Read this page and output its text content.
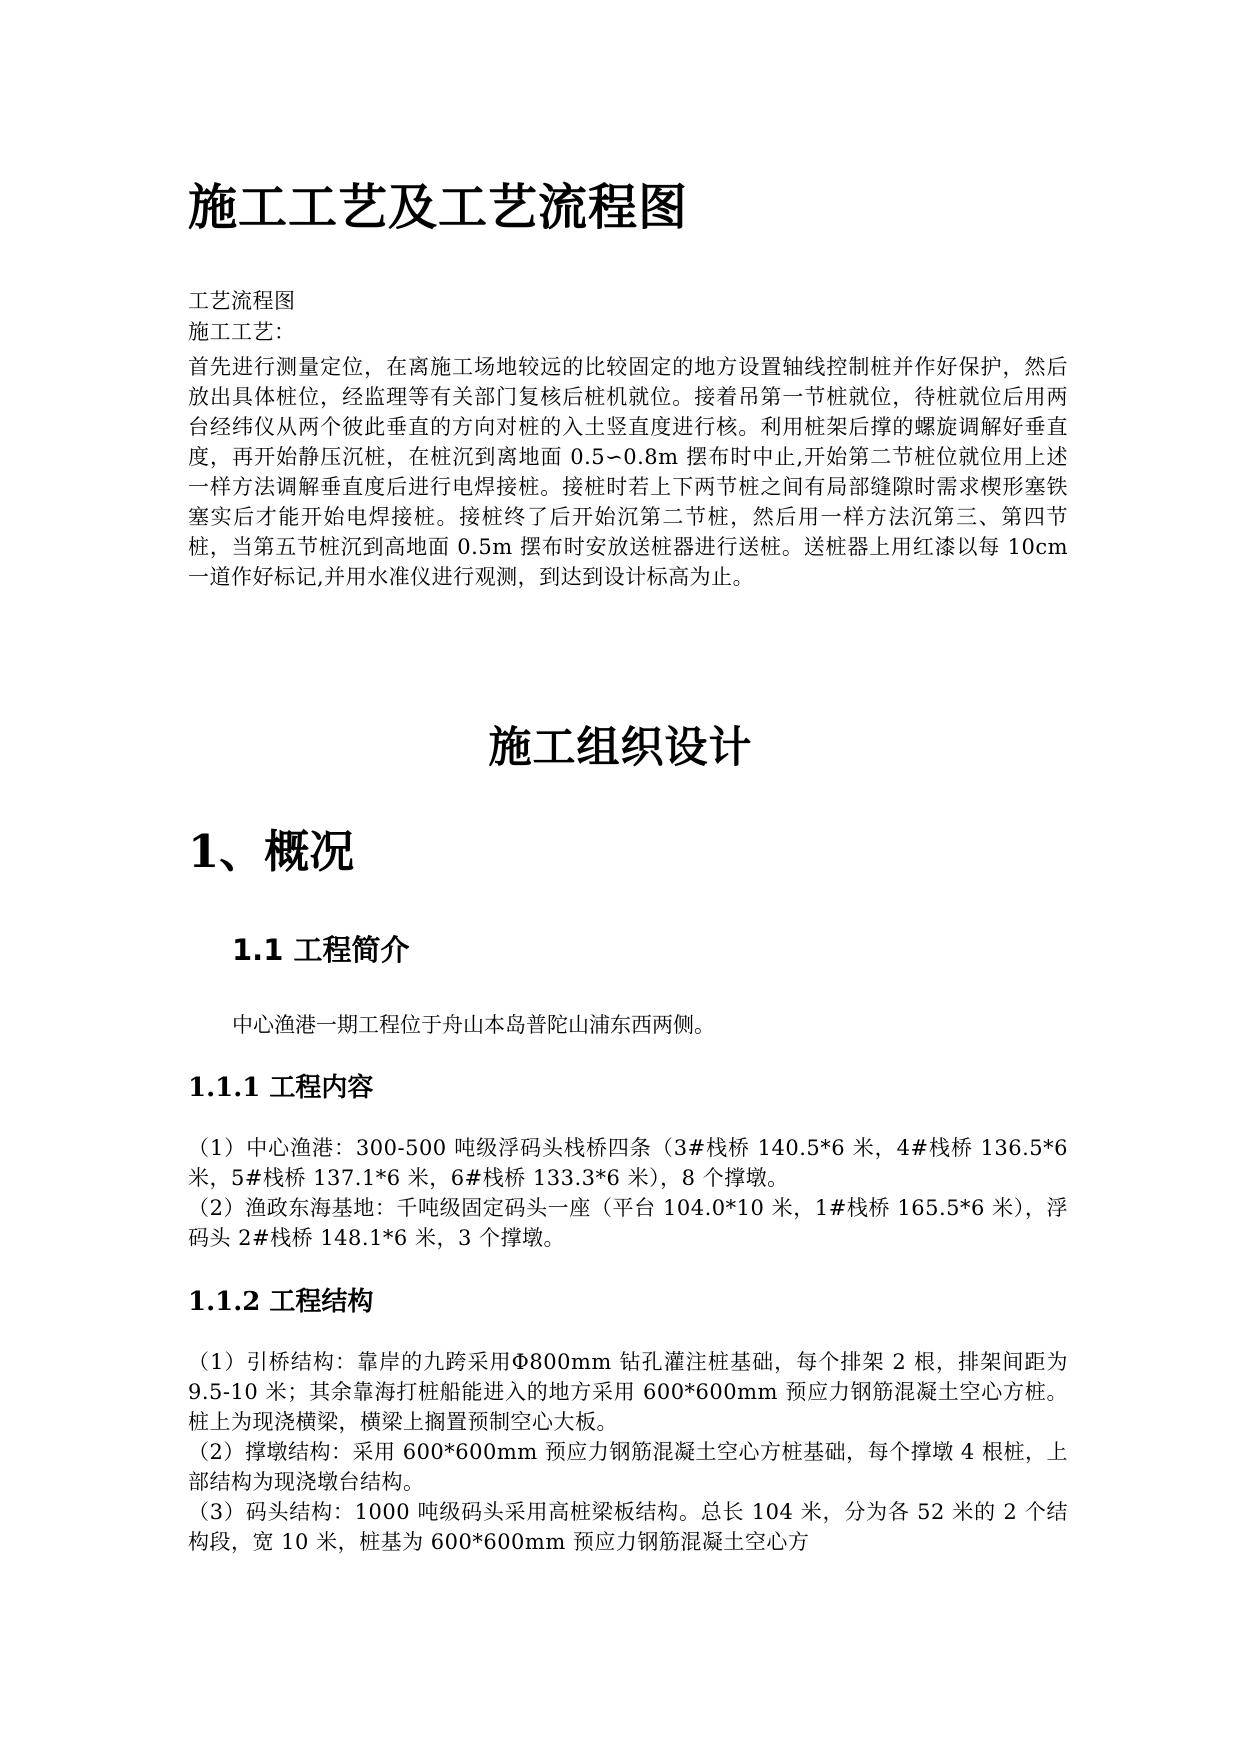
施工工艺及工艺流程图
工艺流程图
施工工艺：
首先进行测量定位，在离施工场地较远的比较固定的地方设置轴线控制桩并作好保护，然后放出具体桩位，经监理等有关部门复核后桩机就位。接着吊第一节桩就位，待桩就位后用两台经纬仪从两个彼此垂直的方向对桩的入土竖直度进行核。利用桩架后撑的螺旋调解好垂直度，再开始静压沉桩，在桩沉到离地面 0.5∽0.8m 摆布时中止,开始第二节桩位就位用上述一样方法调解垂直度后进行电焊接桩。接桩时若上下两节桩之间有局部缝隙时需求楔形塞铁塞实后才能开始电焊接桩。接桩终了后开始沉第二节桩，然后用一样方法沉第三、第四节桩，当第五节桩沉到高地面 0.5m 摆布时安放送桩器进行送桩。送桩器上用红漆以每 10cm 一道作好标记,并用水准仪进行观测，到达到设计标高为止。
施工组织设计
1、概况
1.1 工程简介
中心渔港一期工程位于舟山本岛普陀山浦东西两侧。
1.1.1 工程内容

（1）中心渔港：300-500 吨级浮码头栈桥四条（3#栈桥 140.5*6 米，4#栈桥 136.5*6 米，5#栈桥 137.1*6 米，6#栈桥 133.3*6 米），8 个撑墩。

（2）渔政东海基地：千吨级固定码头一座（平台 104.0*10 米，1#栈桥 165.5*6 米），浮码头 2#栈桥 148.1*6 米，3 个撑墩。

1.1.2 工程结构

（1）引桥结构：靠岸的九跨采用Φ800mm 钻孔灌注桩基础，每个排架 2 根，排架间距为 9.5-10 米；其余靠海打桩船能进入的地方采用 600*600mm 预应力钢筋混凝土空心方桩。桩上为现浇横梁，横梁上搁置预制空心大板。

（2）撑墩结构：采用 600*600mm 预应力钢筋混凝土空心方桩基础，每个撑墩 4 根桩，上部结构为现浇墩台结构。

（3）码头结构：1000 吨级码头采用高桩梁板结构。总长 104 米，分为各 52 米的 2 个结构段，宽 10 米，桩基为 600*600mm 预应力钢筋混凝土空心方
